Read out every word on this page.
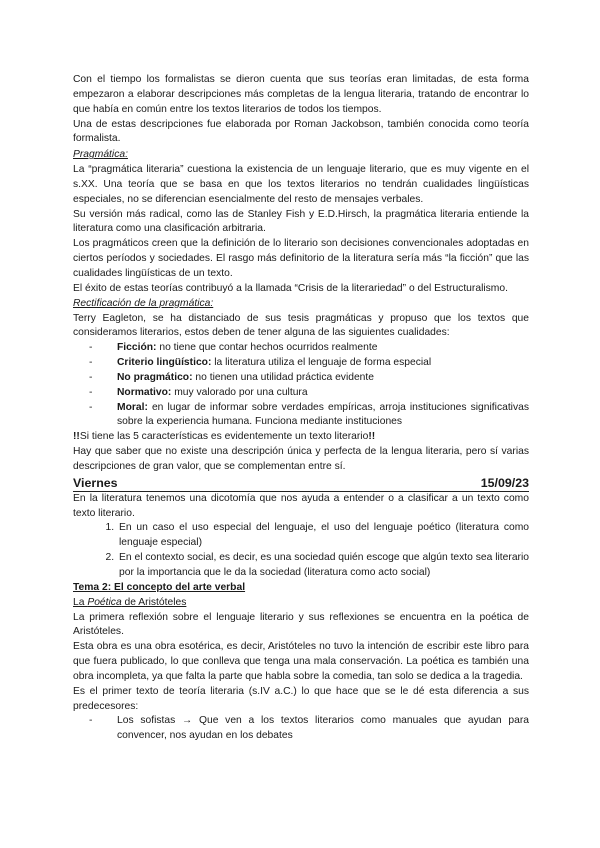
Con el tiempo los formalistas se dieron cuenta que sus teorías eran limitadas, de esta forma empezaron a elaborar descripciones más completas de la lengua literaria, tratando de encontrar lo que había en común entre los textos literarios de todos los tiempos.

Una de estas descripciones fue elaborada por Roman Jackobson, también conocida como teoría formalista.

Pragmática:

La “pragmática literaria” cuestiona la existencia de un lenguaje literario, que es muy vigente en el s.XX. Una teoría que se basa en que los textos literarios no tendrán cualidades lingüísticas especiales, no se diferencian esencialmente del resto de mensajes verbales.

Su versión más radical, como las de Stanley Fish y E.D.Hirsch, la pragmática literaria entiende la literatura como una clasificación arbitraria.

Los pragmáticos creen que la definición de lo literario son decisiones convencionales adoptadas en ciertos períodos y sociedades. El rasgo más definitorio de la literatura sería más “la ficción” que las cualidades lingüísticas de un texto.

El éxito de estas teorías contribuyó a la llamada “Crisis de la literariedad” o del Estructuralismo.

Rectificación de la pragmática:

Terry Eagleton, se ha distanciado de sus tesis pragmáticas y propuso que los textos que consideramos literarios, estos deben de tener alguna de las siguientes cualidades:

- Ficción: no tiene que contar hechos ocurridos realmente
- Criterio lingüístico: la literatura utiliza el lenguaje de forma especial
- No pragmático: no tienen una utilidad práctica evidente
- Normativo: muy valorado por una cultura
- Moral: en lugar de informar sobre verdades empíricas, arroja instituciones significativas sobre la experiencia humana. Funciona mediante instituciones

!!Si tiene las 5 características es evidentemente un texto literario!!

Hay que saber que no existe una descripción única y perfecta de la lengua literaria, pero sí varias descripciones de gran valor, que se complementan entre sí.

Viernes	15/09/23

En la literatura tenemos una dicotomía que nos ayuda a entender o a clasificar a un texto como texto literario.

1. En un caso el uso especial del lenguaje, el uso del lenguaje poético (literatura como lenguaje especial)
2. En el contexto social, es decir, es una sociedad quién escoge que algún texto sea literario por la importancia que le da la sociedad (literatura como acto social)

Tema 2: El concepto del arte verbal

La Poética de Aristóteles

La primera reflexión sobre el lenguaje literario y sus reflexiones se encuentra en la poética de Aristóteles.

Esta obra es una obra esotérica, es decir, Aristóteles no tuvo la intención de escribir este libro para que fuera publicado, lo que conlleva que tenga una mala conservación. La poética es también una obra incompleta, ya que falta la parte que habla sobre la comedia, tan solo se dedica a la tragedia.

Es el primer texto de teoría literaria (s.IV a.C.) lo que hace que se le dé esta diferencia a sus predecesores:

- Los sofistas → Que ven a los textos literarios como manuales que ayudan para convencer, nos ayudan en los debates
